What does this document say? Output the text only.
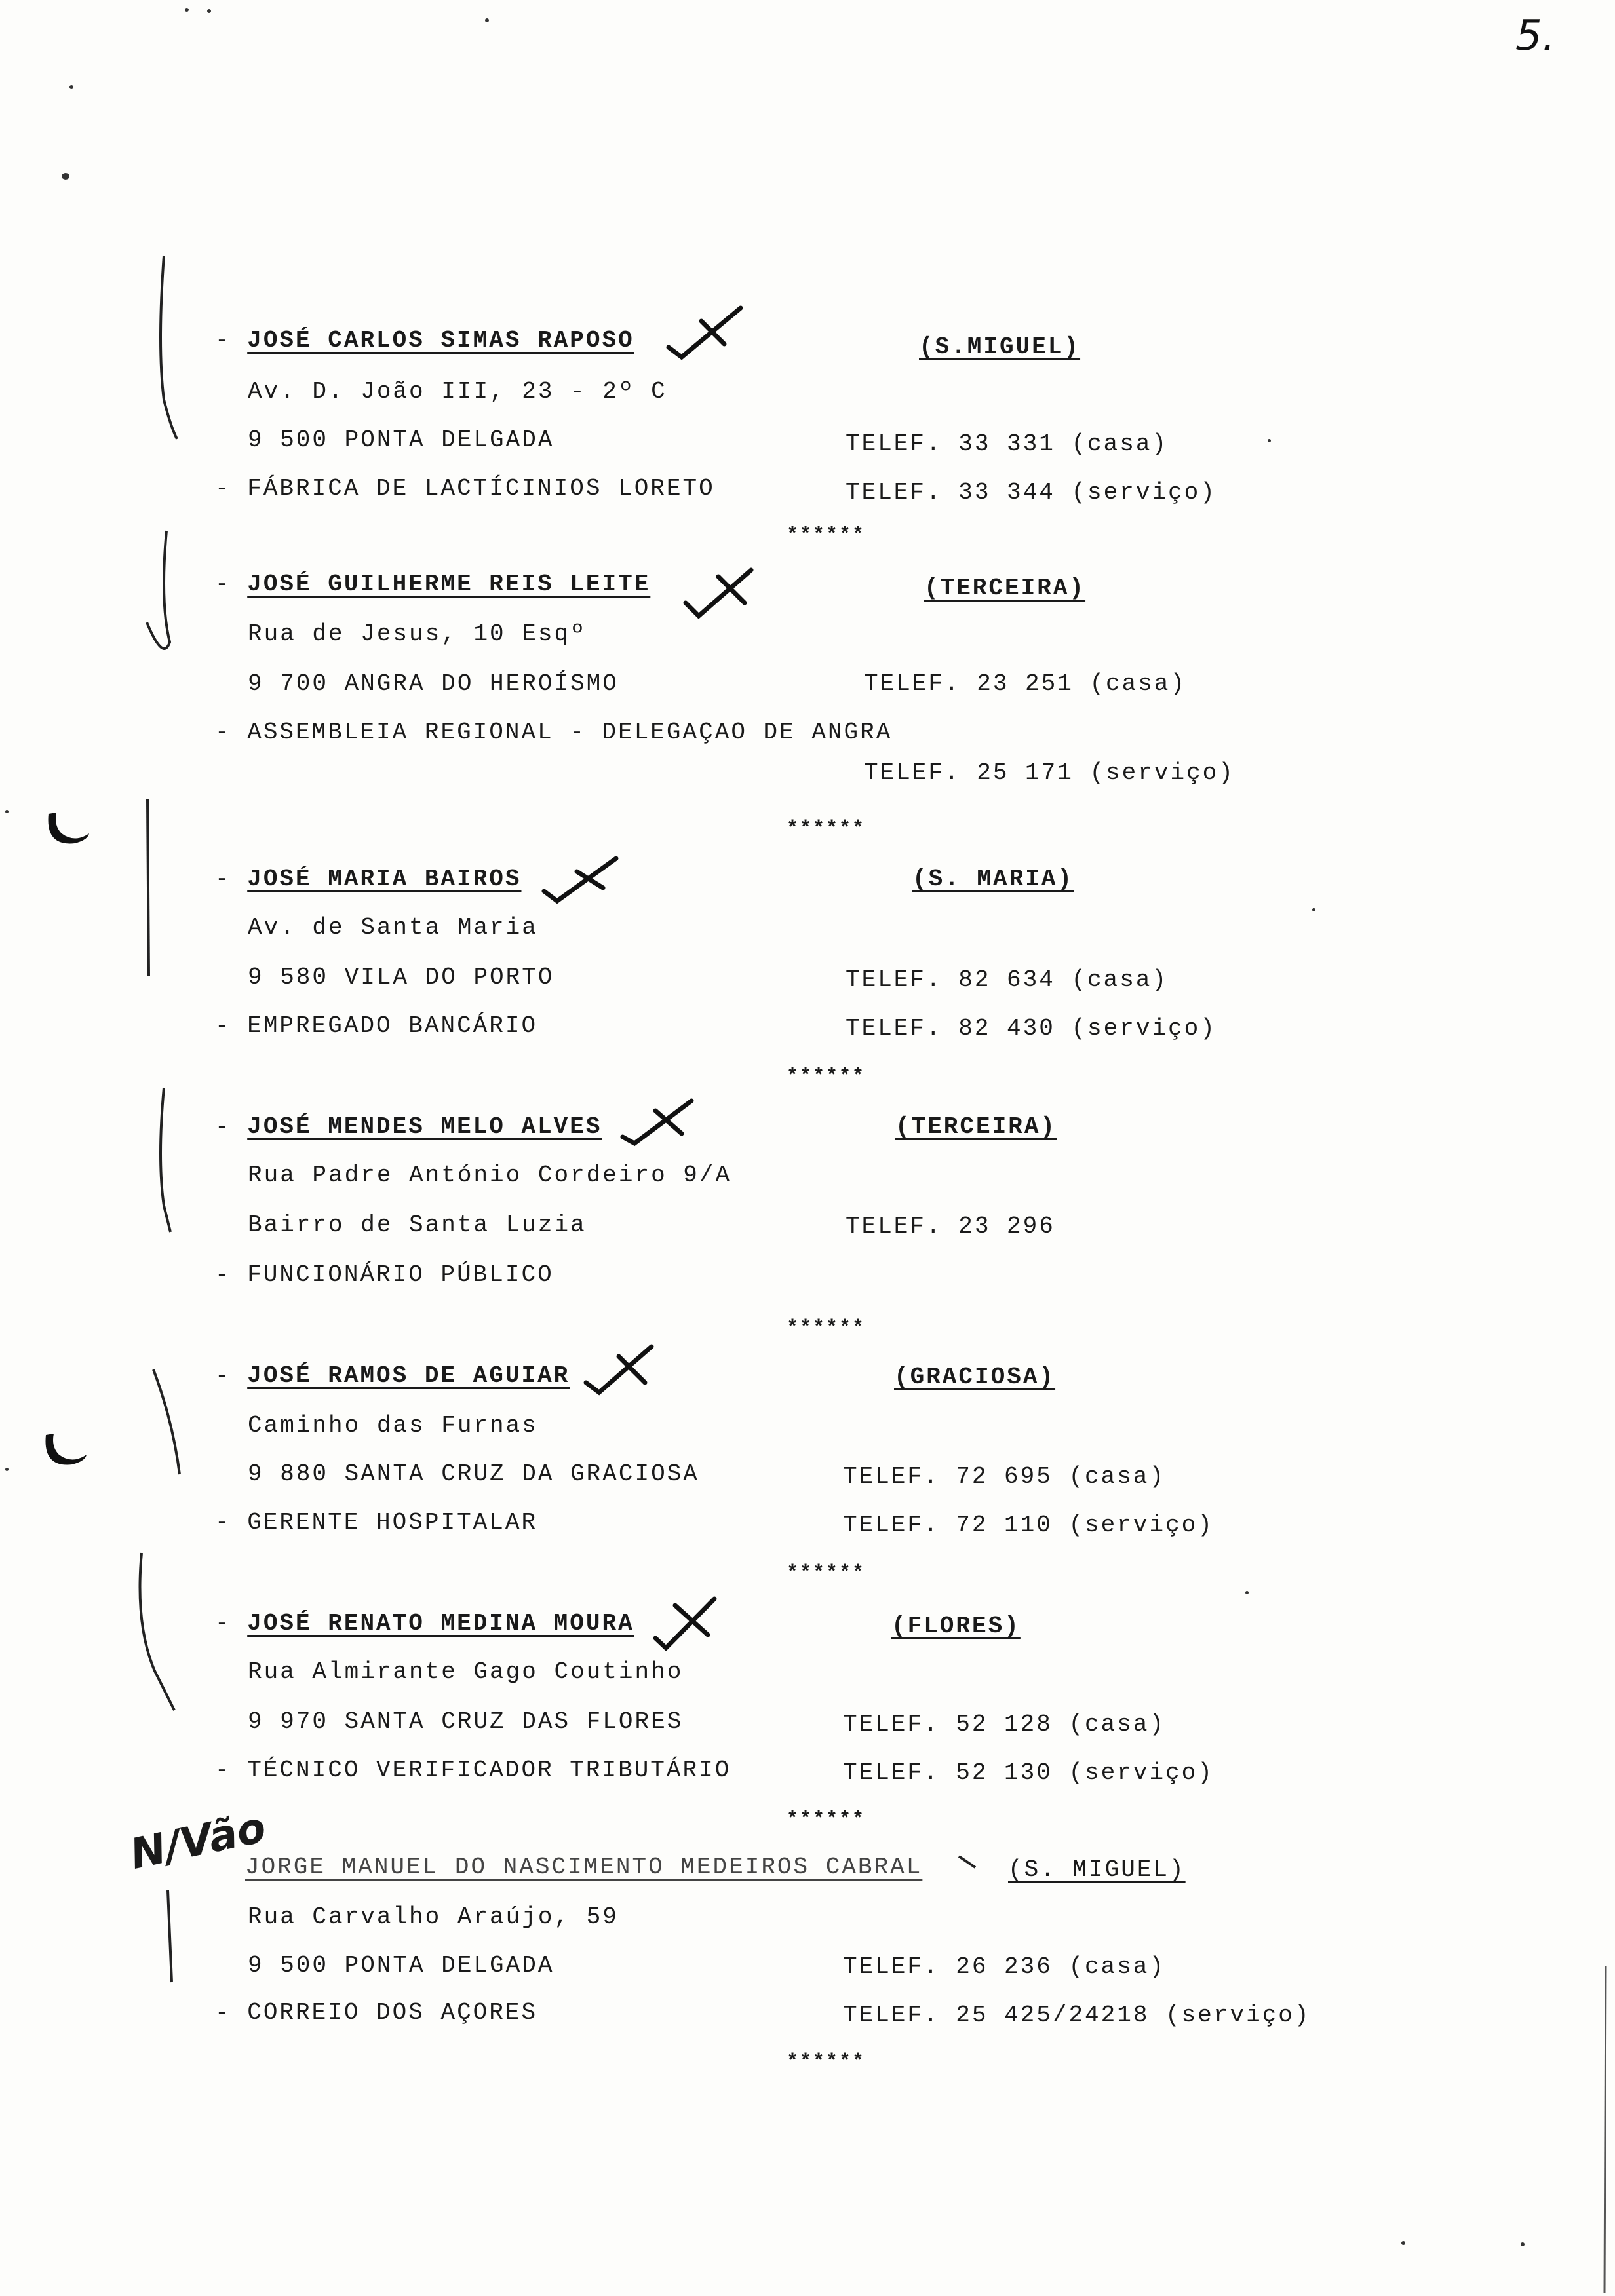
5.
- JOSÉ CARLOS SIMAS RAPOSO	(S.MIGUEL)
Av. D. João III, 23 - 2º C
9 500 PONTA DELGADA	TELEF. 33 331 (casa)
- FÁBRICA DE LACTÍCINIOS LORETO	TELEF. 33 344 (serviço)
******
- JOSÉ GUILHERME REIS LEITE	(TERCEIRA)
Rua de Jesus, 10 Esqº
9 700 ANGRA DO HEROÍSMO	TELEF. 23 251 (casa)
- ASSEMBLEIA REGIONAL - DELEGAÇAO DE ANGRA
TELEF. 25 171 (serviço)
******
- JOSÉ MARIA BAIROS	(S. MARIA)
Av. de Santa Maria
9 580 VILA DO PORTO	TELEF. 82 634 (casa)
- EMPREGADO BANCÁRIO	TELEF. 82 430 (serviço)
******
- JOSÉ MENDES MELO ALVES	(TERCEIRA)
Rua Padre António Cordeiro 9/A
Bairro de Santa Luzia	TELEF. 23 296
- FUNCIONÁRIO PÚBLICO
******
- JOSÉ RAMOS DE AGUIAR	(GRACIOSA)
Caminho das Furnas
9 880 SANTA CRUZ DA GRACIOSA	TELEF. 72 695 (casa)
- GERENTE HOSPITALAR	TELEF. 72 110 (serviço)
******
- JOSÉ RENATO MEDINA MOURA	(FLORES)
Rua Almirante Gago Coutinho
9 970 SANTA CRUZ DAS FLORES	TELEF. 52 128 (casa)
- TÉCNICO VERIFICADOR TRIBUTÁRIO	TELEF. 52 130 (serviço)
******
JORGE MANUEL DO NASCIMENTO MEDEIROS CABRAL	(S. MIGUEL)
Rua Carvalho Araújo, 59
9 500 PONTA DELGADA	TELEF. 26 236 (casa)
- CORREIO DOS AÇORES	TELEF. 25 425/24218 (serviço)
******
N/Vão
